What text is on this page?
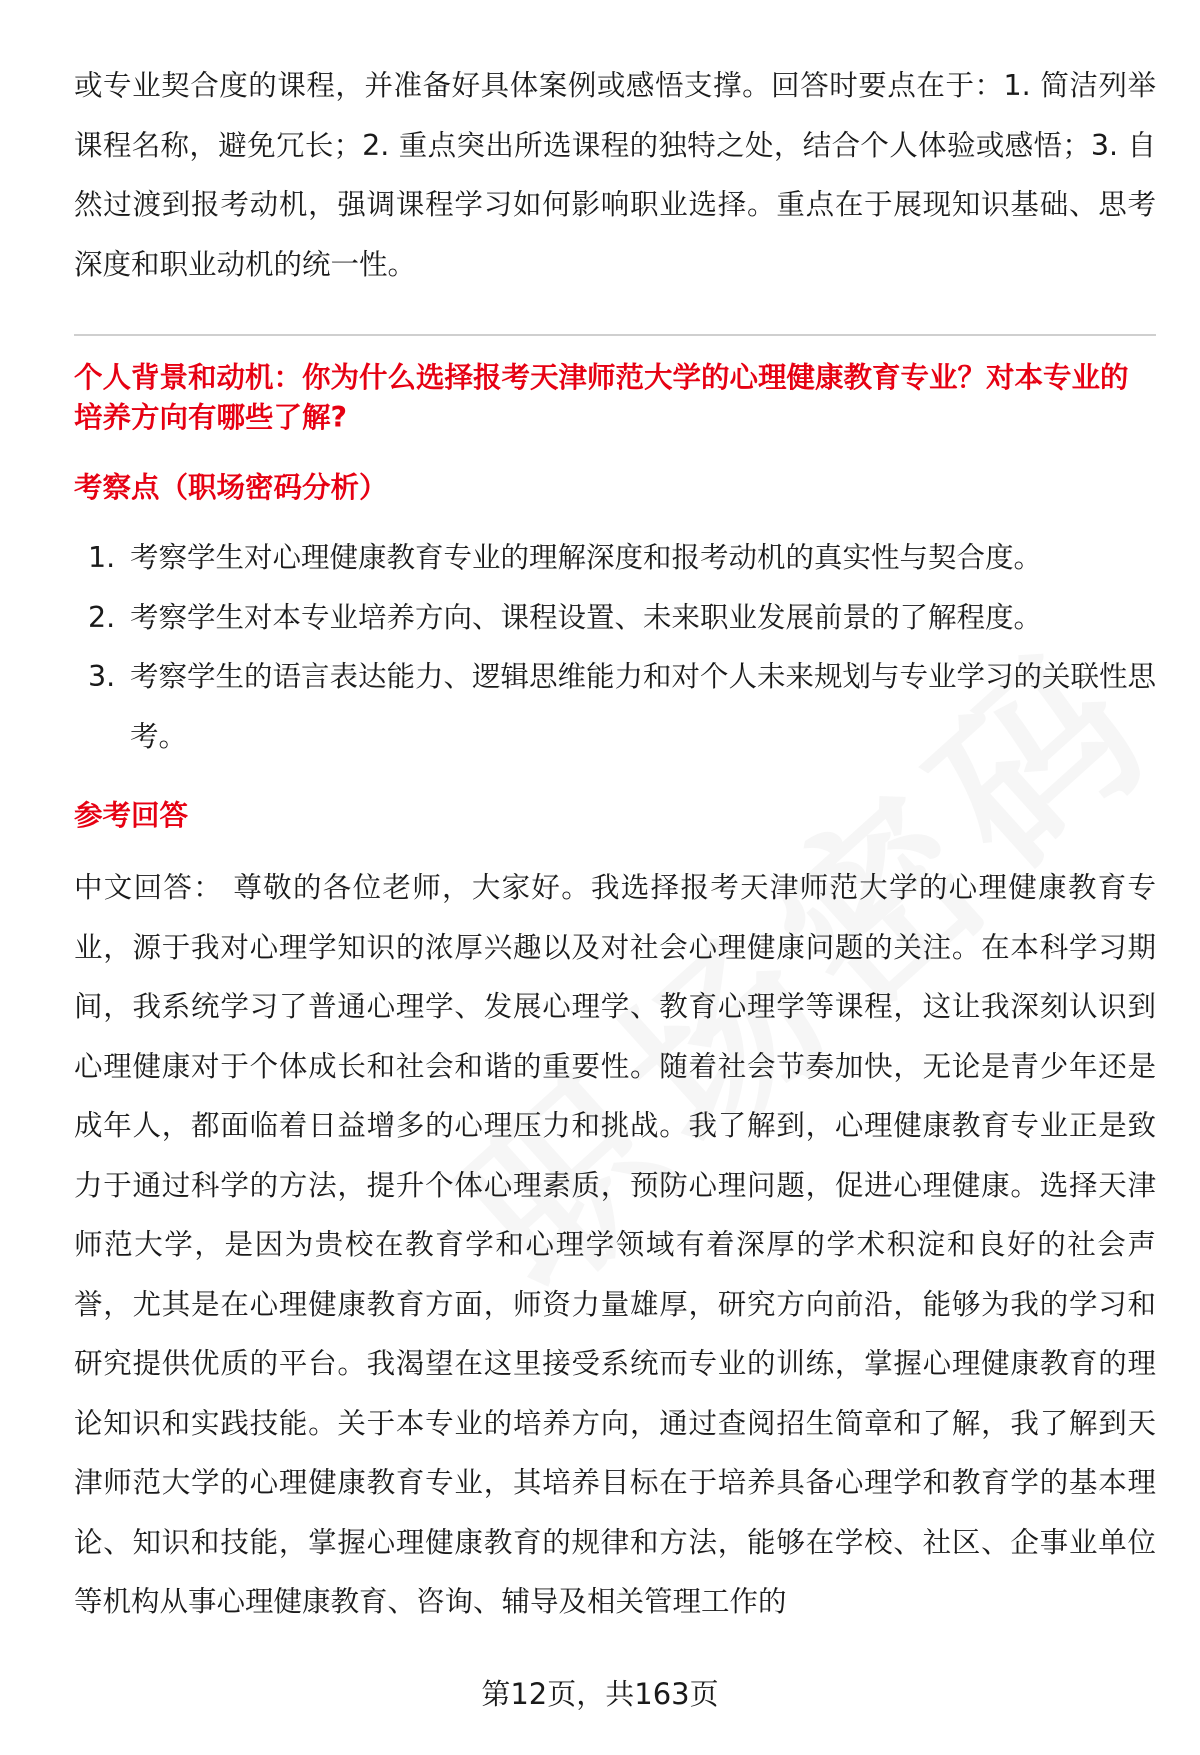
或专业契合度的课程，并准备好具体案例或感悟支撑。回答时要点在于：1. 简洁列举课程名称，避免冗长；2. 重点突出所选课程的独特之处，结合个人体验或感悟；3. 自然过渡到报考动机，强调课程学习如何影响职业选择。重点在于展现知识基础、思考深度和职业动机的统一性。

个人背景和动机：你为什么选择报考天津师范大学的心理健康教育专业？对本专业的培养方向有哪些了解?
考察点（职场密码分析）
1. 考察学生对心理健康教育专业的理解深度和报考动机的真实性与契合度。
2. 考察学生对本专业培养方向、课程设置、未来职业发展前景的了解程度。
3. 考察学生的语言表达能力、逻辑思维能力和对个人未来规划与专业学习的关联性思考。
参考回答

中文回答： 尊敬的各位老师，大家好。我选择报考天津师范大学的心理健康教育专业，源于我对心理学知识的浓厚兴趣以及对社会心理健康问题的关注。在本科学习期间，我系统学习了普通心理学、发展心理学、教育心理学等课程，这让我深刻认识到心理健康对于个体成长和社会和谐的重要性。随着社会节奏加快，无论是青少年还是成年人，都面临着日益增多的心理压力和挑战。我了解到，心理健康教育专业正是致力于通过科学的方法，提升个体心理素质，预防心理问题，促进心理健康。选择天津师范大学，是因为贵校在教育学和心理学领域有着深厚的学术积淀和良好的社会声誉，尤其是在心理健康教育方面，师资力量雄厚，研究方向前沿，能够为我的学习和研究提供优质的平台。我渴望在这里接受系统而专业的训练，掌握心理健康教育的理论知识和实践技能。关于本专业的培养方向，通过查阅招生简章和了解，我了解到天津师范大学的心理健康教育专业，其培养目标在于培养具备心理学和教育学的基本理论、知识和技能，掌握心理健康教育的规律和方法，能够在学校、社区、企事业单位等机构从事心理健康教育、咨询、辅导及相关管理工作的

第12页，共163页
